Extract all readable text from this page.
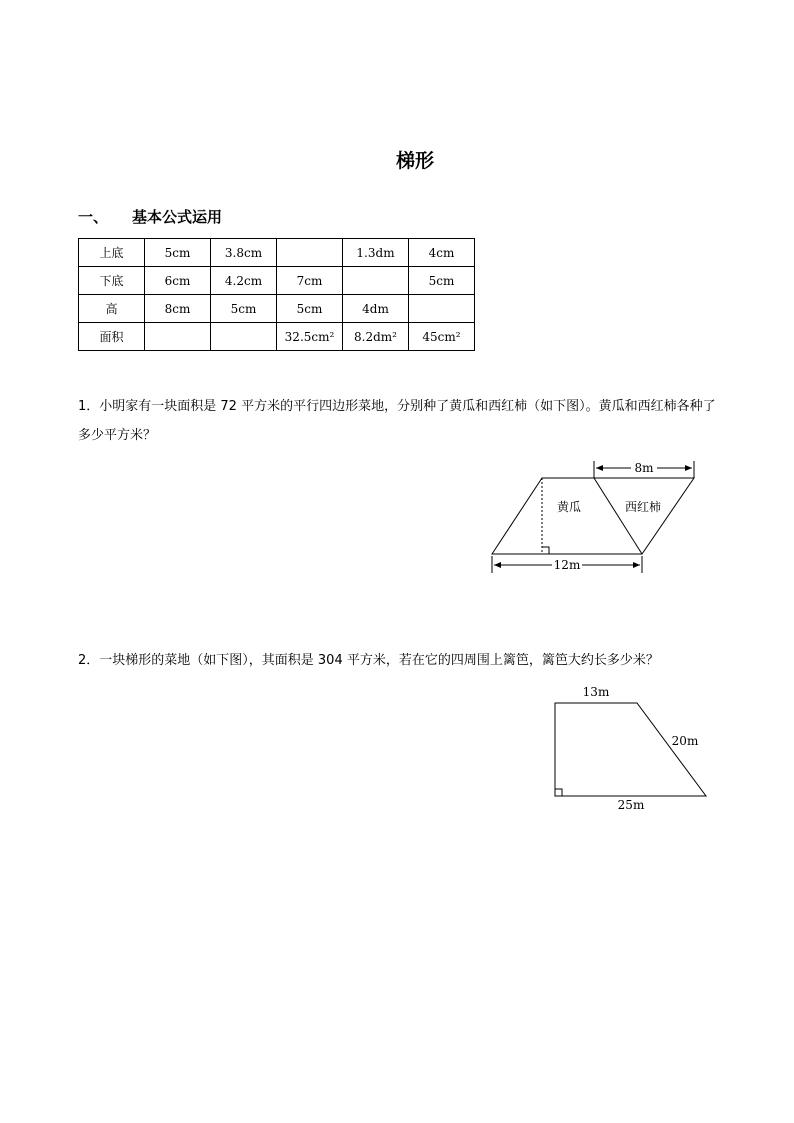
梯形
一、 基本公式运用
上底	5cm	3.8cm		1.3dm	4cm
下底	6cm	4.2cm	7cm		5cm
高	8cm	5cm	5cm	4dm	
面积			32.5cm²	8.2dm²	45cm²
1．小明家有一块面积是 72 平方米的平行四边形菜地，分别种了黄瓜和西红柿（如下图）。黄瓜和西红柿各种了多少平方米？
8m
12m
黄瓜	西红柿
13m
20m
25m
2．一块梯形的菜地（如下图），其面积是 304 平方米，若在它的四周围上篱笆，篱笆大约长多少米？
